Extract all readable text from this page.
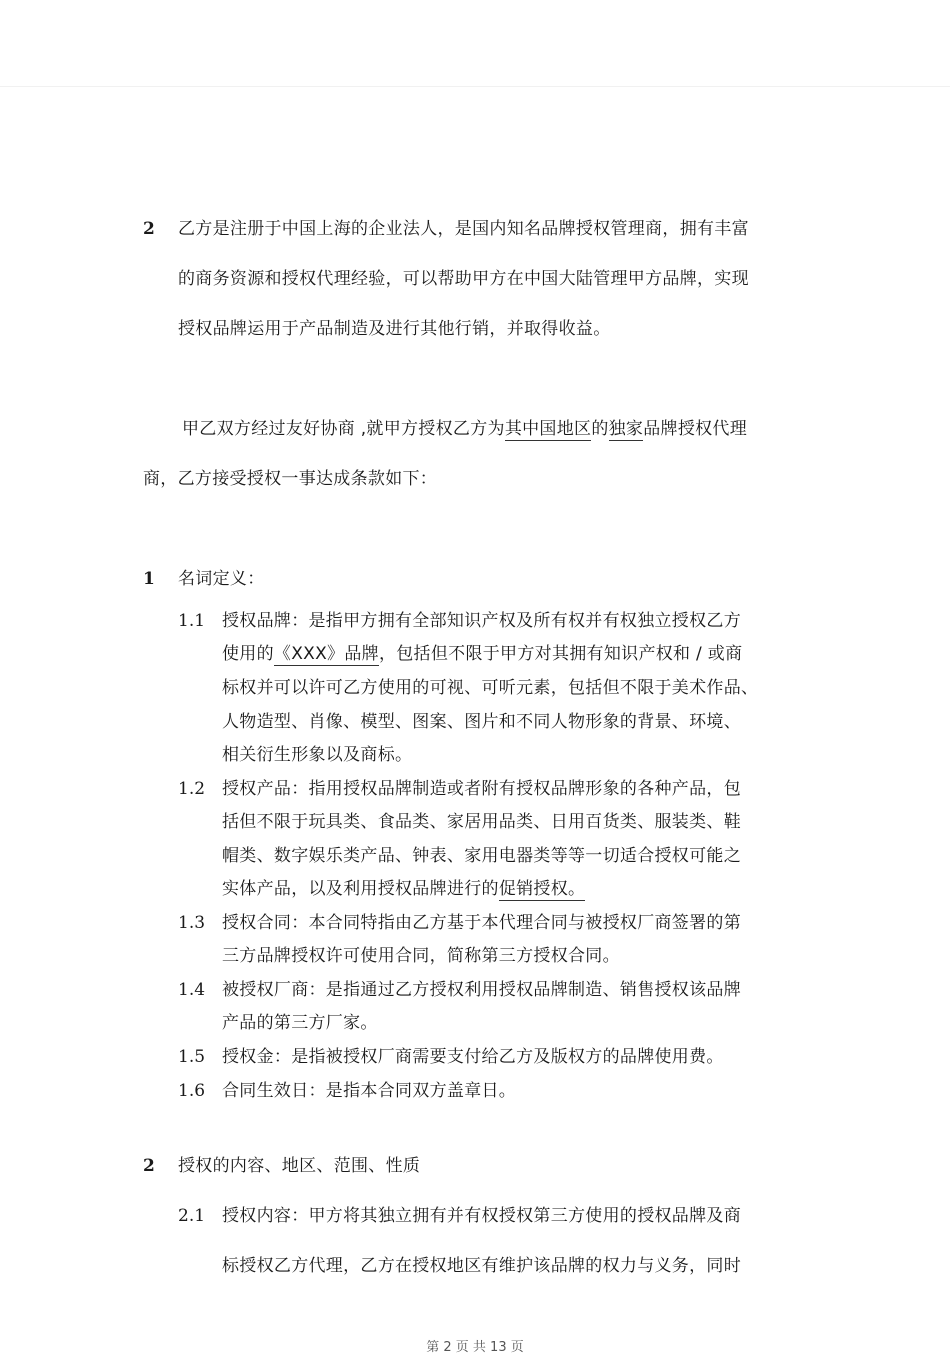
2 乙方是注册于中国上海的企业法人，是国内知名品牌授权管理商，拥有丰富
的商务资源和授权代理经验，可以帮助甲方在中国大陆管理甲方品牌，实现
授权品牌运用于产品制造及进行其他行销，并取得收益。
甲乙双方经过友好协商 ,就甲方授权乙方为其中国地区的独家品牌授权代理
商，乙方接受授权一事达成条款如下：
1 名词定义：
1.1 授权品牌：是指甲方拥有全部知识产权及所有权并有权独立授权乙方
使用的《XXX》品牌，包括但不限于甲方对其拥有知识产权和 / 或商
标权并可以许可乙方使用的可视、可听元素，包括但不限于美术作品、
人物造型、肖像、模型、图案、图片和不同人物形象的背景、环境、
相关衍生形象以及商标。
1.2 授权产品：指用授权品牌制造或者附有授权品牌形象的各种产品，包
括但不限于玩具类、食品类、家居用品类、日用百货类、服装类、鞋
帽类、数字娱乐类产品、钟表、家用电器类等等一切适合授权可能之
实体产品，以及利用授权品牌进行的促销授权。
1.3 授权合同：本合同特指由乙方基于本代理合同与被授权厂商签署的第
三方品牌授权许可使用合同，简称第三方授权合同。
1.4 被授权厂商：是指通过乙方授权利用授权品牌制造、销售授权该品牌
产品的第三方厂家。
1.5 授权金：是指被授权厂商需要支付给乙方及版权方的品牌使用费。
1.6 合同生效日：是指本合同双方盖章日。
2 授权的内容、地区、范围、性质
2.1 授权内容：甲方将其独立拥有并有权授权第三方使用的授权品牌及商
标授权乙方代理，乙方在授权地区有维护该品牌的权力与义务，同时
第 2 页 共 13 页
